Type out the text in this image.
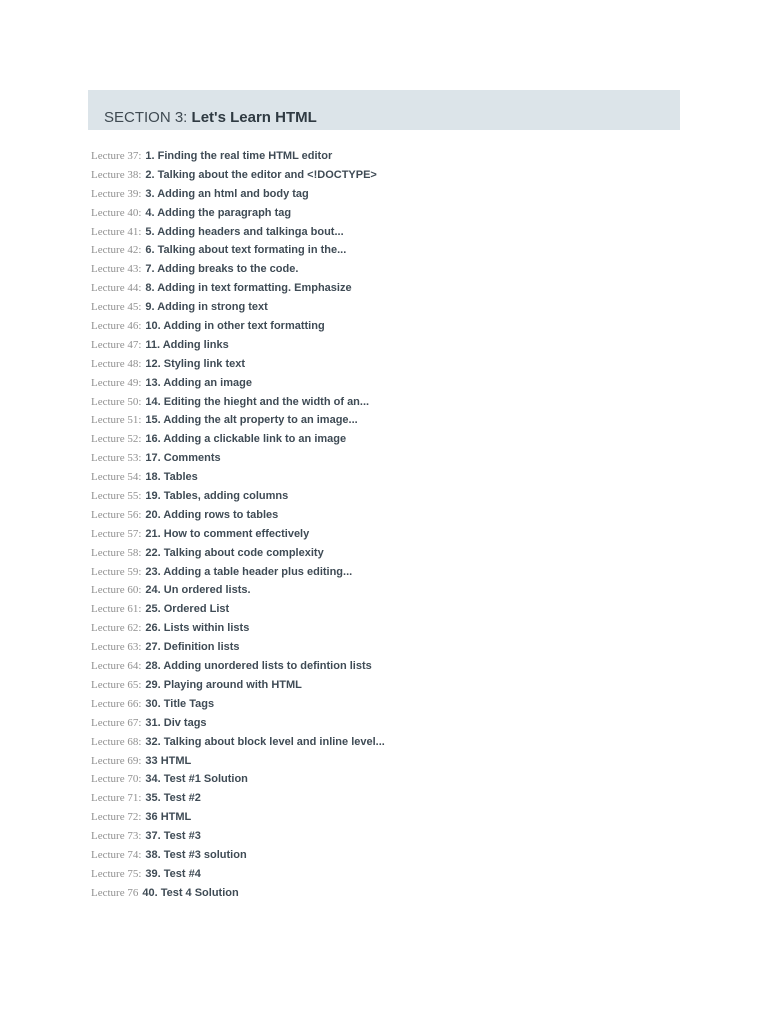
SECTION 3: Let's Learn HTML
Lecture 37: 1. Finding the real time HTML editor
Lecture 38: 2. Talking about the editor and <!DOCTYPE>
Lecture 39: 3. Adding an html and body tag
Lecture 40: 4. Adding the paragraph tag
Lecture 41: 5. Adding headers and talkinga bout...
Lecture 42: 6. Talking about text formating in the...
Lecture 43: 7. Adding breaks to the code.
Lecture 44: 8. Adding in text formatting. Emphasize
Lecture 45: 9. Adding in strong text
Lecture 46: 10. Adding in other text formatting
Lecture 47: 11. Adding links
Lecture 48: 12. Styling link text
Lecture 49: 13. Adding an image
Lecture 50: 14. Editing the hieght and the width of an...
Lecture 51: 15. Adding the alt property to an image...
Lecture 52: 16. Adding a clickable link to an image
Lecture 53: 17. Comments
Lecture 54: 18. Tables
Lecture 55: 19. Tables, adding columns
Lecture 56: 20. Adding rows to tables
Lecture 57: 21. How to comment effectively
Lecture 58: 22. Talking about code complexity
Lecture 59: 23. Adding a table header plus editing...
Lecture 60: 24. Un ordered lists.
Lecture 61: 25. Ordered List
Lecture 62: 26. Lists within lists
Lecture 63: 27. Definition lists
Lecture 64: 28. Adding unordered lists to defintion lists
Lecture 65: 29. Playing around with HTML
Lecture 66: 30. Title Tags
Lecture 67: 31. Div tags
Lecture 68: 32. Talking about block level and inline level...
Lecture 69: 33 HTML
Lecture 70: 34. Test #1 Solution
Lecture 71: 35. Test #2
Lecture 72: 36 HTML
Lecture 73: 37. Test #3
Lecture 74: 38. Test #3 solution
Lecture 75: 39. Test #4
Lecture 76 40. Test 4 Solution
